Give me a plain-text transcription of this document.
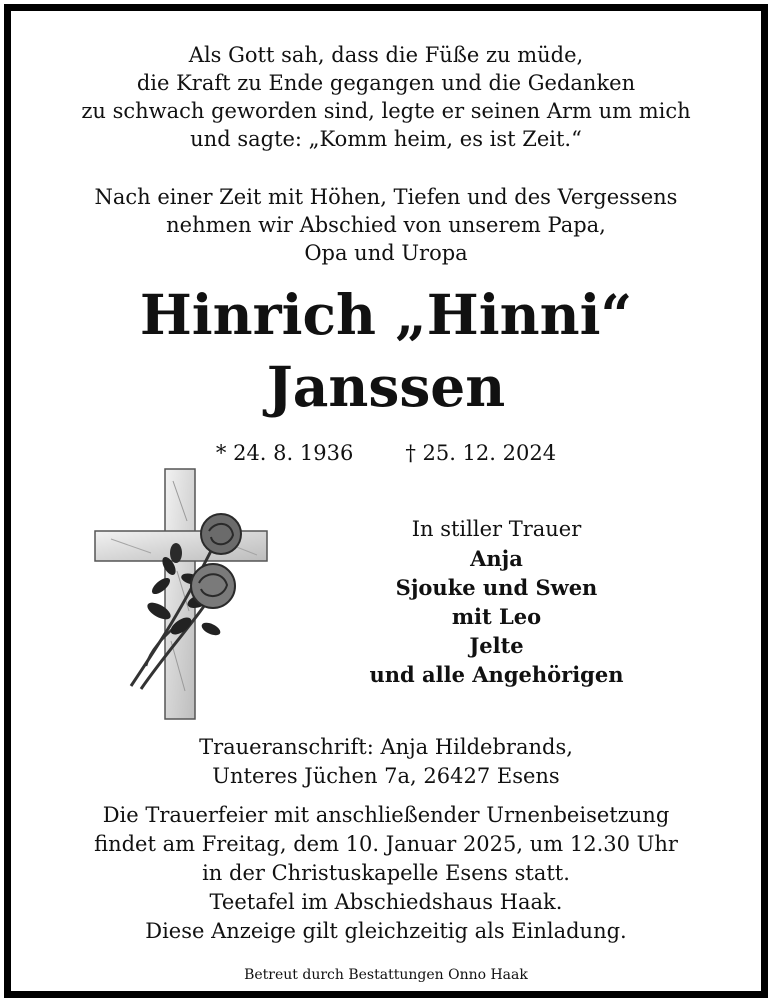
Als Gott sah, dass die Füße zu müde,
die Kraft zu Ende gegangen und die Gedanken
zu schwach geworden sind, legte er seinen Arm um mich
und sagte: „Komm heim, es ist Zeit.“
Nach einer Zeit mit Höhen, Tiefen und des Vergessens
nehmen wir Abschied von unserem Papa,
Opa und Uropa
Hinrich „Hinni“
Janssen
* 24. 8. 1936 † 25. 12. 2024
In stiller Trauer
Anja
Sjouke und Swen
mit Leo
Jelte
und alle Angehörigen
Traueranschrift: Anja Hildebrands,
Unteres Jüchen 7a, 26427 Esens
Die Trauerfeier mit anschließender Urnenbeisetzung
findet am Freitag, dem 10. Januar 2025, um 12.30 Uhr
in der Christuskapelle Esens statt.
Teetafel im Abschiedshaus Haak.
Diese Anzeige gilt gleichzeitig als Einladung.
Betreut durch Bestattungen Onno Haak
